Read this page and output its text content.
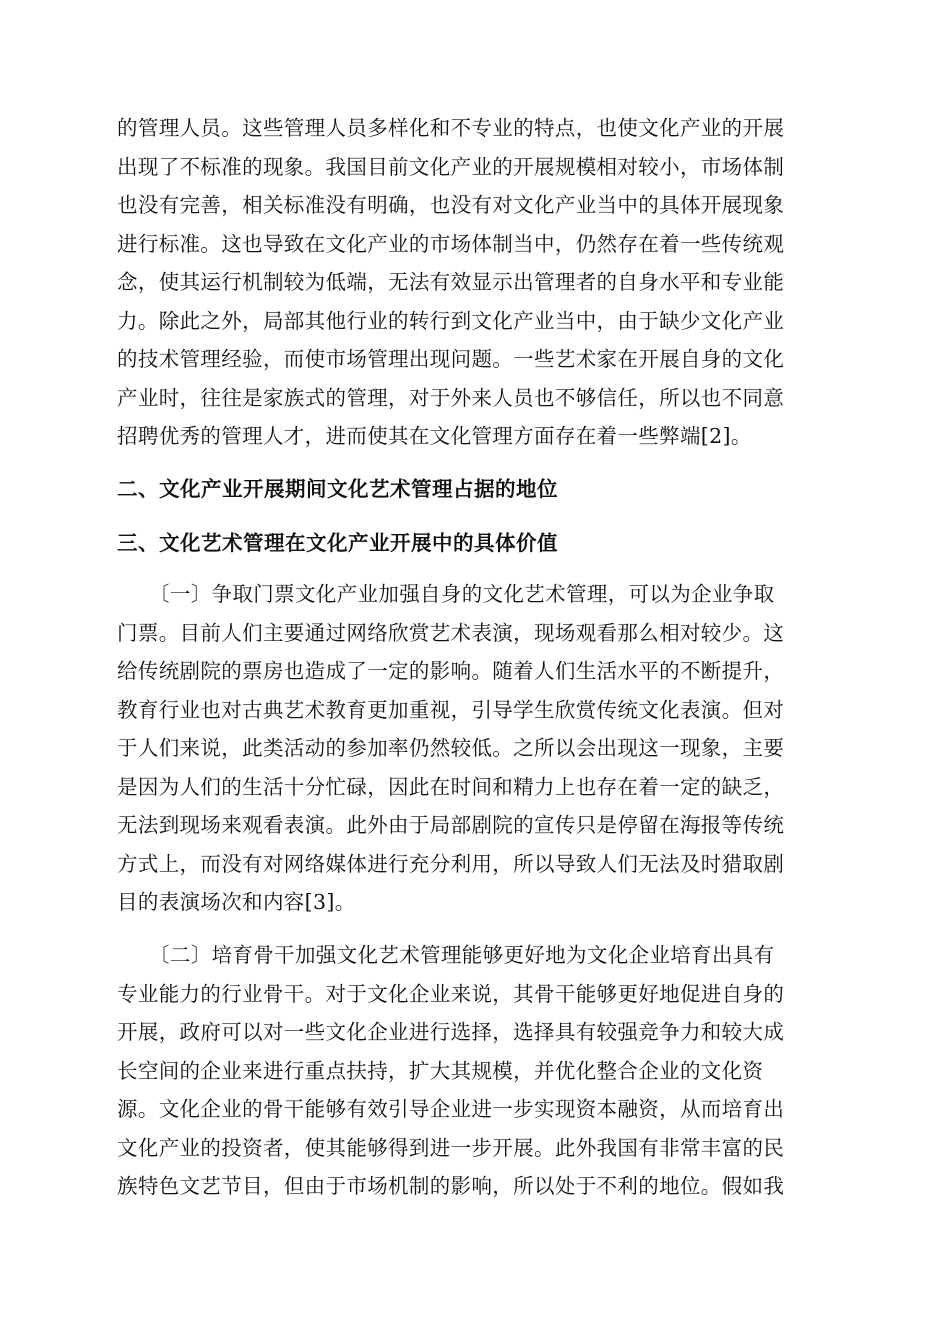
的管理人员。这些管理人员多样化和不专业的特点，也使文化产业的开展
出现了不标准的现象。我国目前文化产业的开展规模相对较小，市场体制
也没有完善，相关标准没有明确，也没有对文化产业当中的具体开展现象
进行标准。这也导致在文化产业的市场体制当中，仍然存在着一些传统观
念，使其运行机制较为低端，无法有效显示出管理者的自身水平和专业能
力。除此之外，局部其他行业的转行到文化产业当中，由于缺少文化产业
的技术管理经验，而使市场管理出现问题。一些艺术家在开展自身的文化
产业时，往往是家族式的管理，对于外来人员也不够信任，所以也不同意
招聘优秀的管理人才，进而使其在文化管理方面存在着一些弊端[2]。
二、文化产业开展期间文化艺术管理占据的地位
三、文化艺术管理在文化产业开展中的具体价值
〔一〕争取门票文化产业加强自身的文化艺术管理，可以为企业争取
门票。目前人们主要通过网络欣赏艺术表演，现场观看那么相对较少。这
给传统剧院的票房也造成了一定的影响。随着人们生活水平的不断提升，
教育行业也对古典艺术教育更加重视，引导学生欣赏传统文化表演。但对
于人们来说，此类活动的参加率仍然较低。之所以会出现这一现象，主要
是因为人们的生活十分忙碌，因此在时间和精力上也存在着一定的缺乏，
无法到现场来观看表演。此外由于局部剧院的宣传只是停留在海报等传统
方式上，而没有对网络媒体进行充分利用，所以导致人们无法及时猎取剧
目的表演场次和内容[3]。
〔二〕培育骨干加强文化艺术管理能够更好地为文化企业培育出具有
专业能力的行业骨干。对于文化企业来说，其骨干能够更好地促进自身的
开展，政府可以对一些文化企业进行选择，选择具有较强竞争力和较大成
长空间的企业来进行重点扶持，扩大其规模，并优化整合企业的文化资
源。文化企业的骨干能够有效引导企业进一步实现资本融资，从而培育出
文化产业的投资者，使其能够得到进一步开展。此外我国有非常丰富的民
族特色文艺节目，但由于市场机制的影响，所以处于不利的地位。假如我
